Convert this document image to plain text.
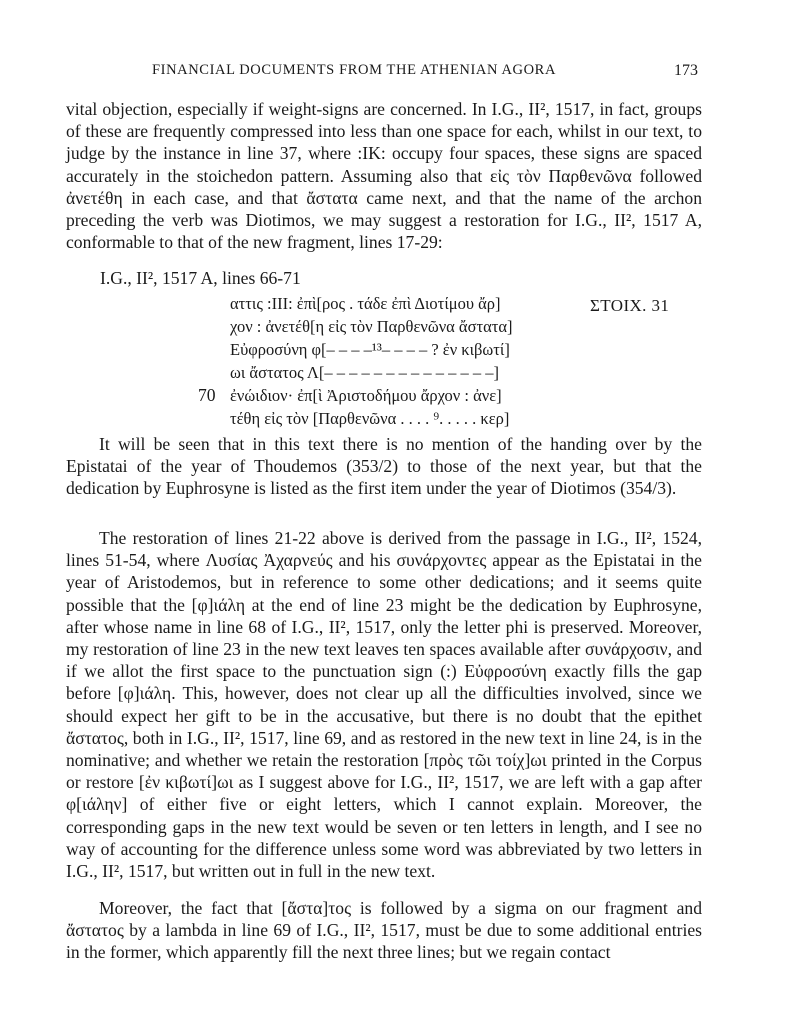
FINANCIAL DOCUMENTS FROM THE ATHENIAN AGORA	173

vital objection, especially if weight-signs are concerned. In I.G., II², 1517, in fact, groups of these are frequently compressed into less than one space for each, whilst in our text, to judge by the instance in line 37, where :ΙΚ: occupy four spaces, these signs are spaced accurately in the stoichedon pattern. Assuming also that εἰς τὸν Παρθενῶνα followed ἀνετέθη in each case, and that ἄστατα came next, and that the name of the archon preceding the verb was Diotimos, we may suggest a restoration for I.G., II², 1517 A, conformable to that of the new fragment, lines 17-29:

I.G., II², 1517 A, lines 66-71
αττις :ΙΙΙ: ἐπὶ[ρος . τάδε ἐπὶ Διοτίμου ἄρ]	ΣΤΟΙΧ. 31
χον : ἀνετέθ[η εἰς τὸν Παρθενῶνα ἄστατα]
Εὐφροσύνη φ[– – – –¹³– – – – ? ἐν κιβωτί]
ωι ἄστατος Λ[– – – – – – – – – – – – – –]
70 ἐνώιδιον· ἐπ[ὶ Ἀριστοδήμου ἄρχον : ἀνε]
τέθη εἰς τὸν [Παρθενῶνα . . . . ⁹. . . . . κερ]

It will be seen that in this text there is no mention of the handing over by the Epistatai of the year of Thoudemos (353/2) to those of the next year, but that the dedication by Euphrosyne is listed as the first item under the year of Diotimos (354/3).

The restoration of lines 21-22 above is derived from the passage in I.G., II², 1524, lines 51-54, where Λυσίας Ἀχαρνεύς and his συνάρχοντες appear as the Epistatai in the year of Aristodemos, but in reference to some other dedications; and it seems quite possible that the [φ]ιάλη at the end of line 23 might be the dedication by Euphrosyne, after whose name in line 68 of I.G., II², 1517, only the letter phi is preserved. Moreover, my restoration of line 23 in the new text leaves ten spaces available after συνάρχοσιν, and if we allot the first space to the punctuation sign (:) Εὐφροσύνη exactly fills the gap before [φ]ιάλη. This, however, does not clear up all the difficulties involved, since we should expect her gift to be in the accusative, but there is no doubt that the epithet ἄστατος, both in I.G., II², 1517, line 69, and as restored in the new text in line 24, is in the nominative; and whether we retain the restoration [πρὸς τῶι τοίχ]ωι printed in the Corpus or restore [ἐν κιβωτί]ωι as I suggest above for I.G., II², 1517, we are left with a gap after φ[ιάλην] of either five or eight letters, which I cannot explain. Moreover, the corresponding gaps in the new text would be seven or ten letters in length, and I see no way of accounting for the difference unless some word was abbreviated by two letters in I.G., II², 1517, but written out in full in the new text.

Moreover, the fact that [ἄστα]τος is followed by a sigma on our fragment and ἄστατος by a lambda in line 69 of I.G., II², 1517, must be due to some additional entries in the former, which apparently fill the next three lines; but we regain contact
